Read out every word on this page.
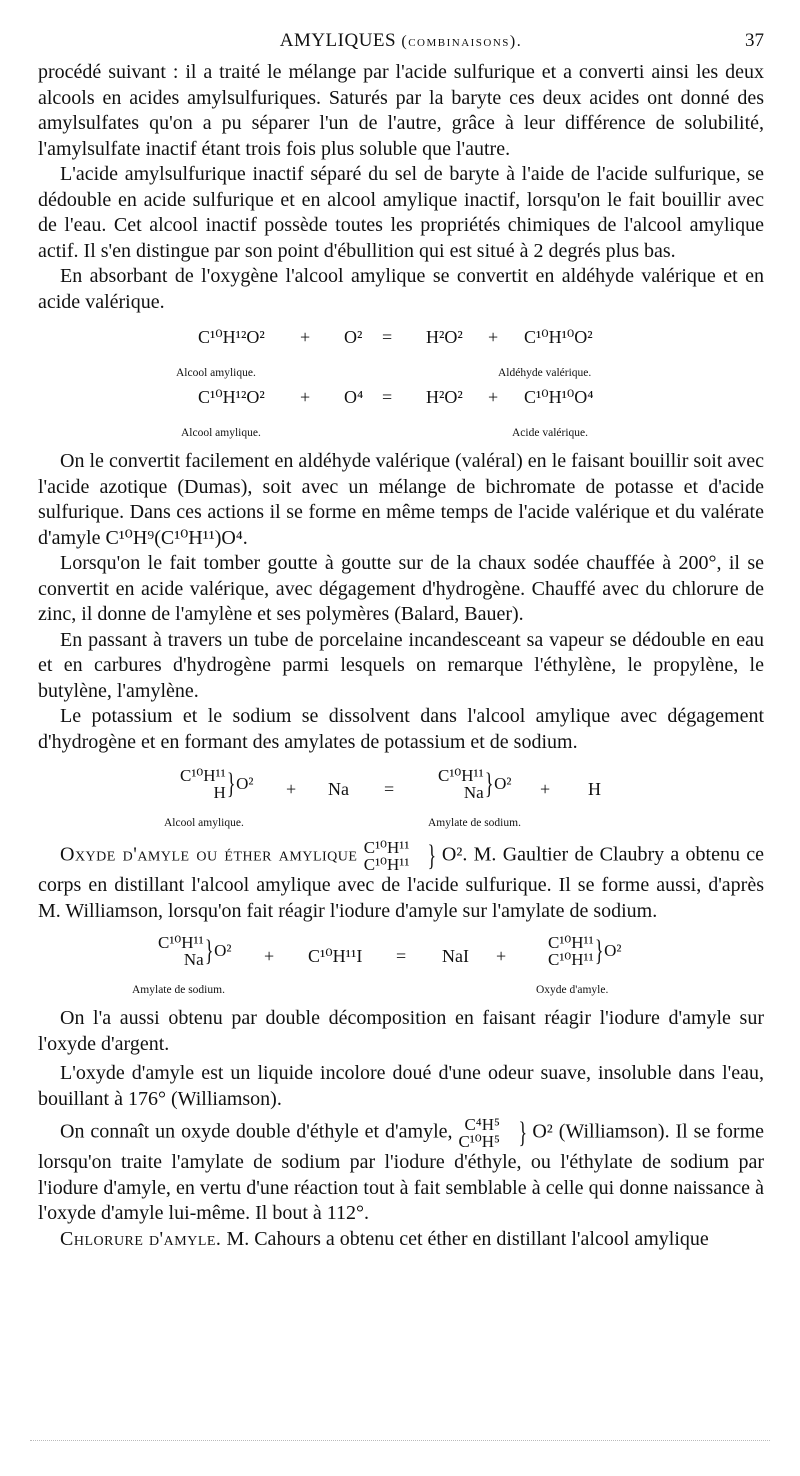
AMYLIQUES (combinaisons).	37

procédé suivant : il a traité le mélange par l'acide sulfurique et a converti ainsi les deux alcools en acides amylsulfuriques. Saturés par la baryte ces deux acides ont donné des amylsulfates qu'on a pu séparer l'un de l'autre, grâce à leur différence de solubilité, l'amylsulfate inactif étant trois fois plus soluble que l'autre.

L'acide amylsulfurique inactif séparé du sel de baryte à l'aide de l'acide sulfurique, se dédouble en acide sulfurique et en alcool amylique inactif, lorsqu'on le fait bouillir avec de l'eau. Cet alcool inactif possède toutes les propriétés chimiques de l'alcool amylique actif. Il s'en distingue par son point d'ébullition qui est situé à 2 degrés plus bas.

En absorbant de l'oxygène l'alcool amylique se convertit en aldéhyde valérique et en acide valérique.

C¹⁰H¹²O² + O² = H²O² + C¹⁰H¹⁰O²
Alcool amylique.	Aldéhyde valérique.
C¹⁰H¹²O² + O⁴ = H²O² + C¹⁰H¹⁰O⁴
Alcool amylique.	Acide valérique.

On le convertit facilement en aldéhyde valérique (valéral) en le faisant bouillir soit avec l'acide azotique (Dumas), soit avec un mélange de bichromate de potasse et d'acide sulfurique. Dans ces actions il se forme en même temps de l'acide valérique et du valérate d'amyle C¹⁰H⁹(C¹⁰H¹¹)O⁴.

Lorsqu'on le fait tomber goutte à goutte sur de la chaux sodée chauffée à 200°, il se convertit en acide valérique, avec dégagement d'hydrogène. Chauffé avec du chlorure de zinc, il donne de l'amylène et ses polymères (Balard, Bauer).

En passant à travers un tube de porcelaine incandesceant sa vapeur se dédouble en eau et en carbures d'hydrogène parmi lesquels on remarque l'éthylène, le propylène, le butylène, l'amylène.

Le potassium et le sodium se dissolvent dans l'alcool amylique avec dégagement d'hydrogène et en formant des amylates de potassium et de sodium.

C¹⁰H¹¹
H}O² + Na =
C¹⁰H¹¹
Na}O² + H
Alcool amylique.	Amylate de sodium.

Oxyde d'amyle ou éther amylique C¹⁰H¹¹
C¹⁰H¹¹ } O². M. Gaultier de Claubry a obtenu ce corps en distillant l'alcool amylique avec de l'acide sulfurique. Il se forme aussi, d'après M. Williamson, lorsqu'on fait réagir l'iodure d'amyle sur l'amylate de sodium.

C¹⁰H¹¹
Na}O² + C¹⁰H¹¹I = NaI +
C¹⁰H¹¹
C¹⁰H¹¹}O²
Amylate de sodium.	Oxyde d'amyle.

On l'a aussi obtenu par double décomposition en faisant réagir l'iodure d'amyle sur l'oxyde d'argent.

L'oxyde d'amyle est un liquide incolore doué d'une odeur suave, insoluble dans l'eau, bouillant à 176° (Williamson).

On connaît un oxyde double d'éthyle et d'amyle, C⁴H⁵
C¹⁰H⁵ } O² (Williamson). Il se forme lorsqu'on traite l'amylate de sodium par l'iodure d'éthyle, ou l'éthylate de sodium par l'iodure d'amyle, en vertu d'une réaction tout à fait semblable à celle qui donne naissance à l'oxyde d'amyle lui-même. Il bout à 112°.

Chlorure d'amyle. M. Cahours a obtenu cet éther en distillant l'alcool amylique
